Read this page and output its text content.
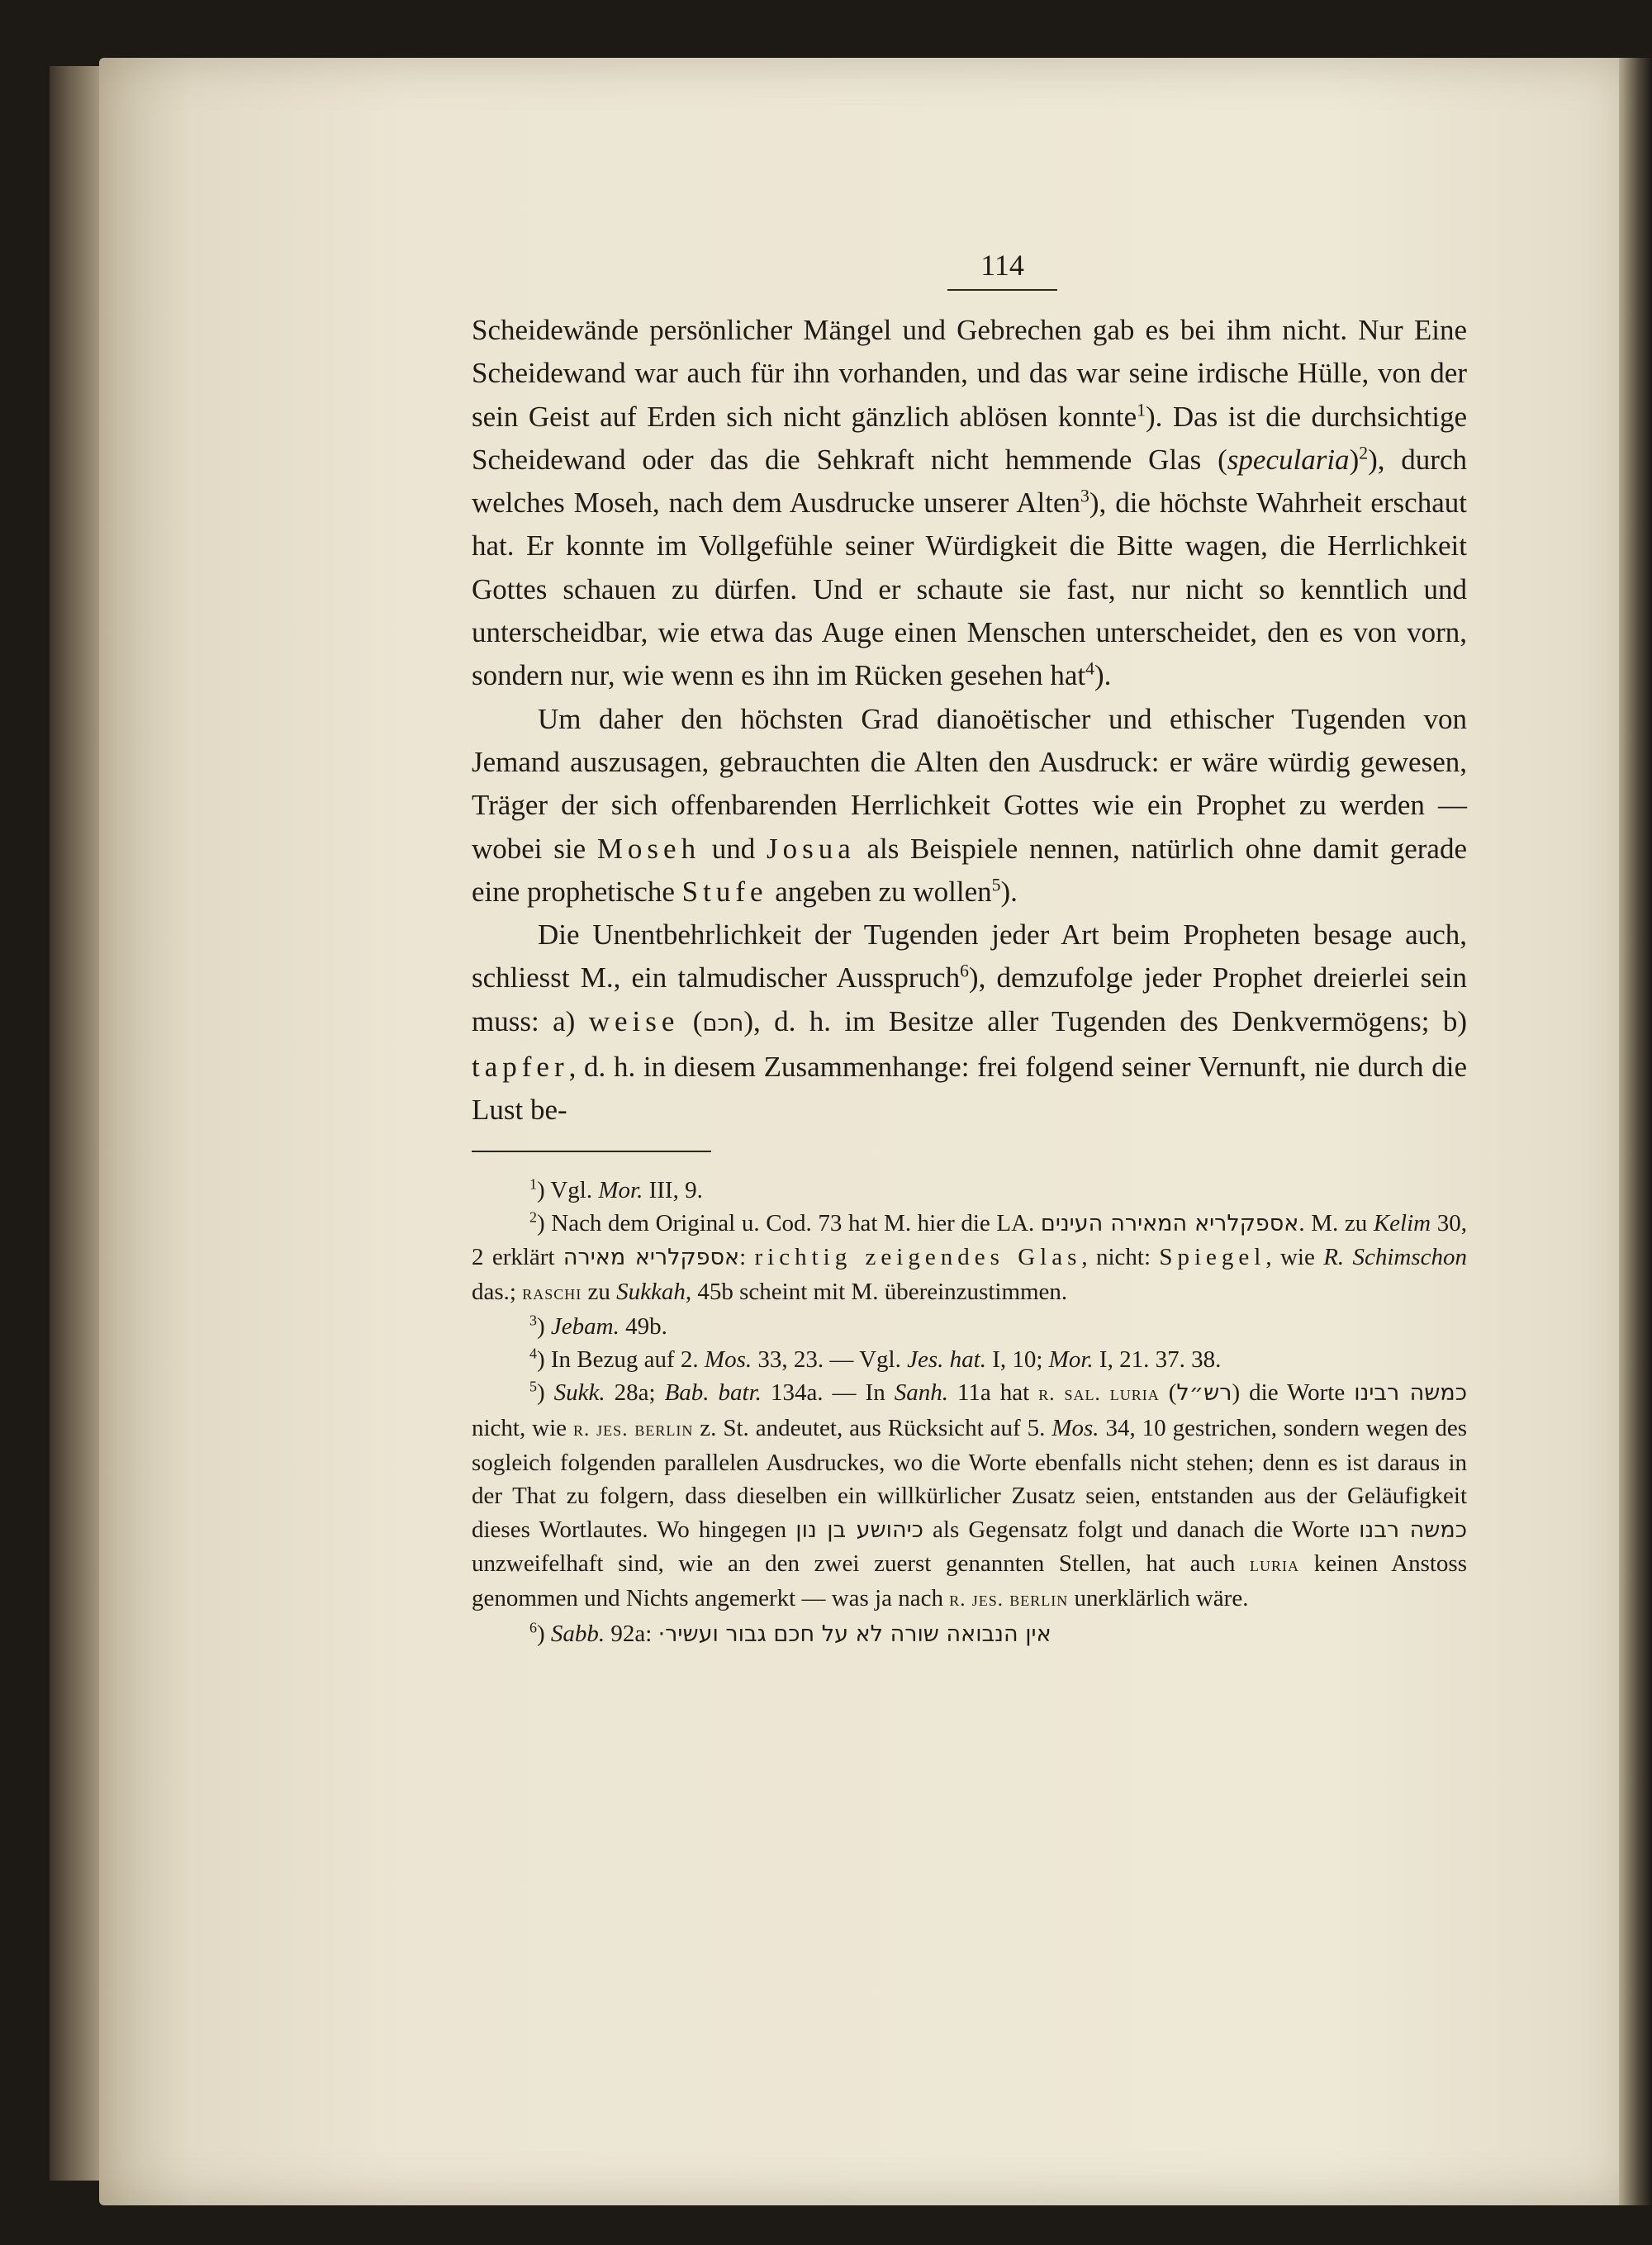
114

Scheidewände persönlicher Mängel und Gebrechen gab es bei ihm nicht. Nur Eine Scheidewand war auch für ihn vorhanden, und das war seine irdische Hülle, von der sein Geist auf Erden sich nicht gänzlich ablösen konnte$^1$). Das ist die durchsichtige Scheidewand oder das die Sehkraft nicht hemmende Glas (specularia)$^2$), durch welches Moseh, nach dem Ausdrucke unserer Alten$^3$), die höchste Wahrheit erschaut hat. Er konnte im Vollgefühle seiner Würdigkeit die Bitte wagen, die Herrlichkeit Gottes schauen zu dürfen. Und er schaute sie fast, nur nicht so kenntlich und unterscheidbar, wie etwa das Auge einen Menschen unterscheidet, den es von vorn, sondern nur, wie wenn es ihn im Rücken gesehen hat$^4$).

Um daher den höchsten Grad dianoëtischer und ethischer Tugenden von Jemand auszusagen, gebrauchten die Alten den Ausdruck: er wäre würdig gewesen, Träger der sich offenbarenden Herrlichkeit Gottes wie ein Prophet zu werden — wobei sie Moseh und Josua als Beispiele nennen, natürlich ohne damit gerade eine prophetische Stufe angeben zu wollen$^5$).

Die Unentbehrlichkeit der Tugenden jeder Art beim Propheten besage auch, schliesst M., ein talmudischer Ausspruch$^6$), demzufolge jeder Prophet dreierlei sein muss: a) weise (חכם), d. h. im Besitze aller Tugenden des Denkvermögens; b) tapfer, d. h. in diesem Zusammenhange: frei folgend seiner Vernunft, nie durch die Lust be-

$^1$) Vgl. Mor. III, 9.

$^2$) Nach dem Original u. Cod. 73 hat M. hier die LA. אספקלריא המאירה העינים. M. zu Kelim 30, 2 erklärt אספקלריא מאירה: richtig zeigendes Glas, nicht: Spiegel, wie R. Schimschon das.; raschi zu Sukkah, 45b scheint mit M. übereinzustimmen.

$^3$) Jebam. 49b.

$^4$) In Bezug auf 2. Mos. 33, 23. — Vgl. Jes. hat. I, 10; Mor. I, 21. 37. 38.

$^5$) Sukk. 28a; Bab. batr. 134a. — In Sanh. 11a hat r. sal. luria (רש״ל) die Worte כמשה רבינו nicht, wie r. jes. berlin z. St. andeutet, aus Rücksicht auf 5. Mos. 34, 10 gestrichen, sondern wegen des sogleich folgenden parallelen Ausdruckes, wo die Worte ebenfalls nicht stehen; denn es ist daraus in der That zu folgern, dass dieselben ein willkürlicher Zusatz seien, entstanden aus der Geläufigkeit dieses Wortlautes. Wo hingegen כיהושע בן נון als Gegensatz folgt und danach die Worte כמשה רבנו unzweifelhaft sind, wie an den zwei zuerst genannten Stellen, hat auch luria keinen Anstoss genommen und Nichts angemerkt — was ja nach r. jes. berlin unerklärlich wäre.

$^6$) Sabb. 92a: אין הנבואה שורה לא על חכם גבור ועשיר·
